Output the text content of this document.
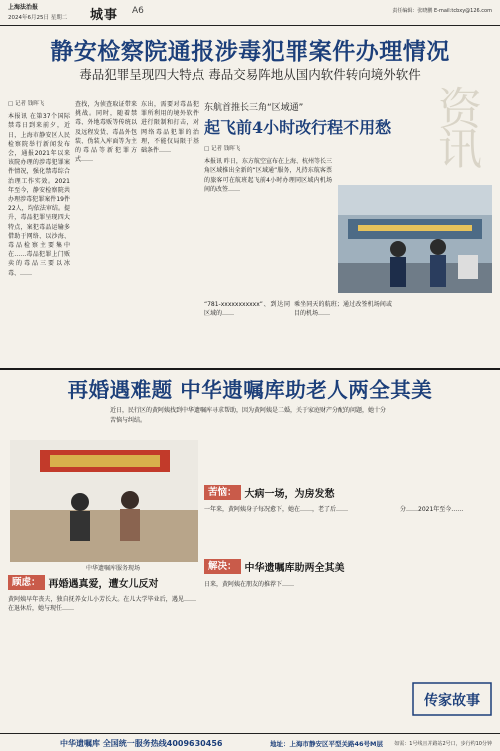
上海法治报
2024年6月25日 星期二 城事 A6	责任编辑：张晓鹏 E-mail:tcbxy@126.com
静安检察院通报涉毒犯罪案件办理情况
毒品犯罪呈现四大特点 毒品交易阵地从国内软件转向境外软件
□ 记者 钱晖飞
本报讯 在第37个国际禁毒日到来前夕，近日，上海市静安区人民检察院举行新闻发布会，通报2021年以来该院办理的涉毒犯罪案件情况，强化禁毒综合治理工作实效。2021年至今，静安检察院共办理涉毒犯罪案件19件22人，均依法审结。提升，毒品犯罪呈现四大特点，案犯毒品运输多借助于网络、以沙海、毒品检察主要集中在……毒品犯罪上门贩卖的毒品三要以冰毒、……
查找，为侦查取证带来挑战。同时，随着禁毒、外地毒贩等传统以及远程发货、毒品外包装、伪装入库面等为主的毒品等新犯罪方式……
东出，需要对毒品犯罪所利用的境外软件进行限制和打击，对网络毒品犯罪的治理，不能仅局限于基础条件……
资讯
东航首推长三角“区域通”
起飞前4小时改行程不用愁
□ 记者 钱晖飞
本报讯 昨日，东方航空宣布在上海、杭州等长三角区域推出全新的“区域通”服务，凡持东航客票的旅客可在航班起飞前4小时办理同区域内机场间的改签……
“781-xxxxxxxxxxx”、到达同区域的……
乘坐同天的航班；通过改签机场间或目的机场……
再婚遇难题 中华遗嘱库助老人两全其美
近日，民行区的黄阿姨找到中华遗嘱库寻求帮助，因为黄阿姨是二婚，关于家庭财产分配的问题，她十分苦恼与纠结。
中华遗嘱库服务现场
苦恼： 大病一场，为房发愁
解决： 中华遗嘱库助两全其美
顾虑： 再婚遇真爱，遭女儿反对
黄阿姨早年丧夫，独自抚养女儿小芳长大。在儿大学毕业后，遇见……在退休后，她与现任……
一年来，黄阿姨身子每况愈下，她在……，老了后……
日来，黄阿姨在朋友的推荐下……
分……2021年至今……
传家故事
中华遗嘱库 全国统一服务热线4009630456	地址：上海市静安区平型关路46号M层 如需：1号线且并路站2号口，步行约10分钟
